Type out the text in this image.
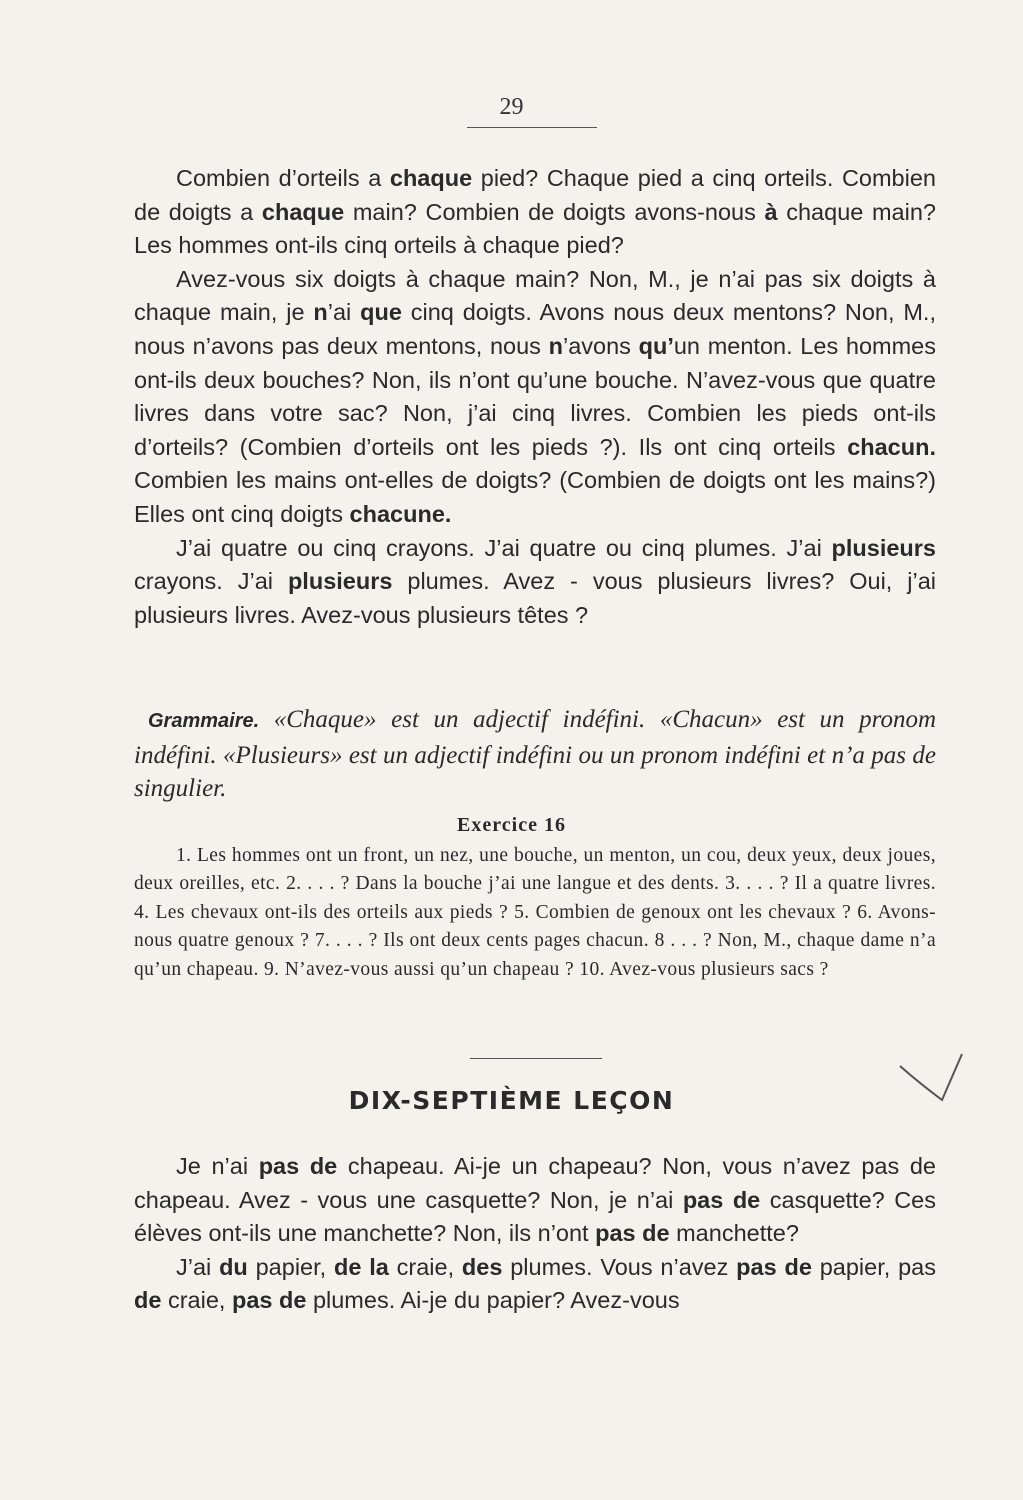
29

Combien d’orteils a chaque pied? Chaque pied a cinq orteils. Combien de doigts a chaque main? Combien de doigts avons-nous à chaque main? Les hommes ont-ils cinq orteils à chaque pied?

Avez-vous six doigts à chaque main? Non, M., je n’ai pas six doigts à chaque main, je n’ai que cinq doigts. Avons nous deux mentons? Non, M., nous n’avons pas deux mentons, nous n’avons qu’un menton. Les hommes ont-ils deux bouches? Non, ils n’ont qu’une bouche. N’avez-vous que quatre livres dans votre sac? Non, j’ai cinq livres. Combien les pieds ont-ils d’orteils? (Combien d’orteils ont les pieds ?). Ils ont cinq orteils chacun. Combien les mains ont-elles de doigts? (Combien de doigts ont les mains?) Elles ont cinq doigts chacune.

J’ai quatre ou cinq crayons. J’ai quatre ou cinq plumes. J’ai plusieurs crayons. J’ai plusieurs plumes. Avez - vous plusieurs livres? Oui, j’ai plusieurs livres. Avez-vous plusieurs têtes ?

Grammaire. «Chaque» est un adjectif indéfini. «Chacun» est un pronom indéfini. «Plusieurs» est un adjectif indéfini ou un pronom indéfini et n’a pas de singulier.

Exercice 16

1. Les hommes ont un front, un nez, une bouche, un menton, un cou, deux yeux, deux joues, deux oreilles, etc. 2. . . . ? Dans la bouche j’ai une langue et des dents. 3. . . . ? Il a quatre livres. 4. Les chevaux ont-ils des orteils aux pieds ? 5. Combien de genoux ont les chevaux ? 6. Avons-nous quatre genoux ? 7. . . . ? Ils ont deux cents pages chacun. 8 . . . ? Non, M., chaque dame n’a qu’un chapeau. 9. N’avez-vous aussi qu’un chapeau ? 10. Avez-vous plusieurs sacs ?

DIX-SEPTIÈME LEÇON

Je n’ai pas de chapeau. Ai-je un chapeau? Non, vous n’avez pas de chapeau. Avez - vous une casquette? Non, je n’ai pas de casquette? Ces élèves ont-ils une manchette? Non, ils n’ont pas de manchette?

J’ai du papier, de la craie, des plumes. Vous n’avez pas de papier, pas de craie, pas de plumes. Ai-je du papier? Avez-vous
